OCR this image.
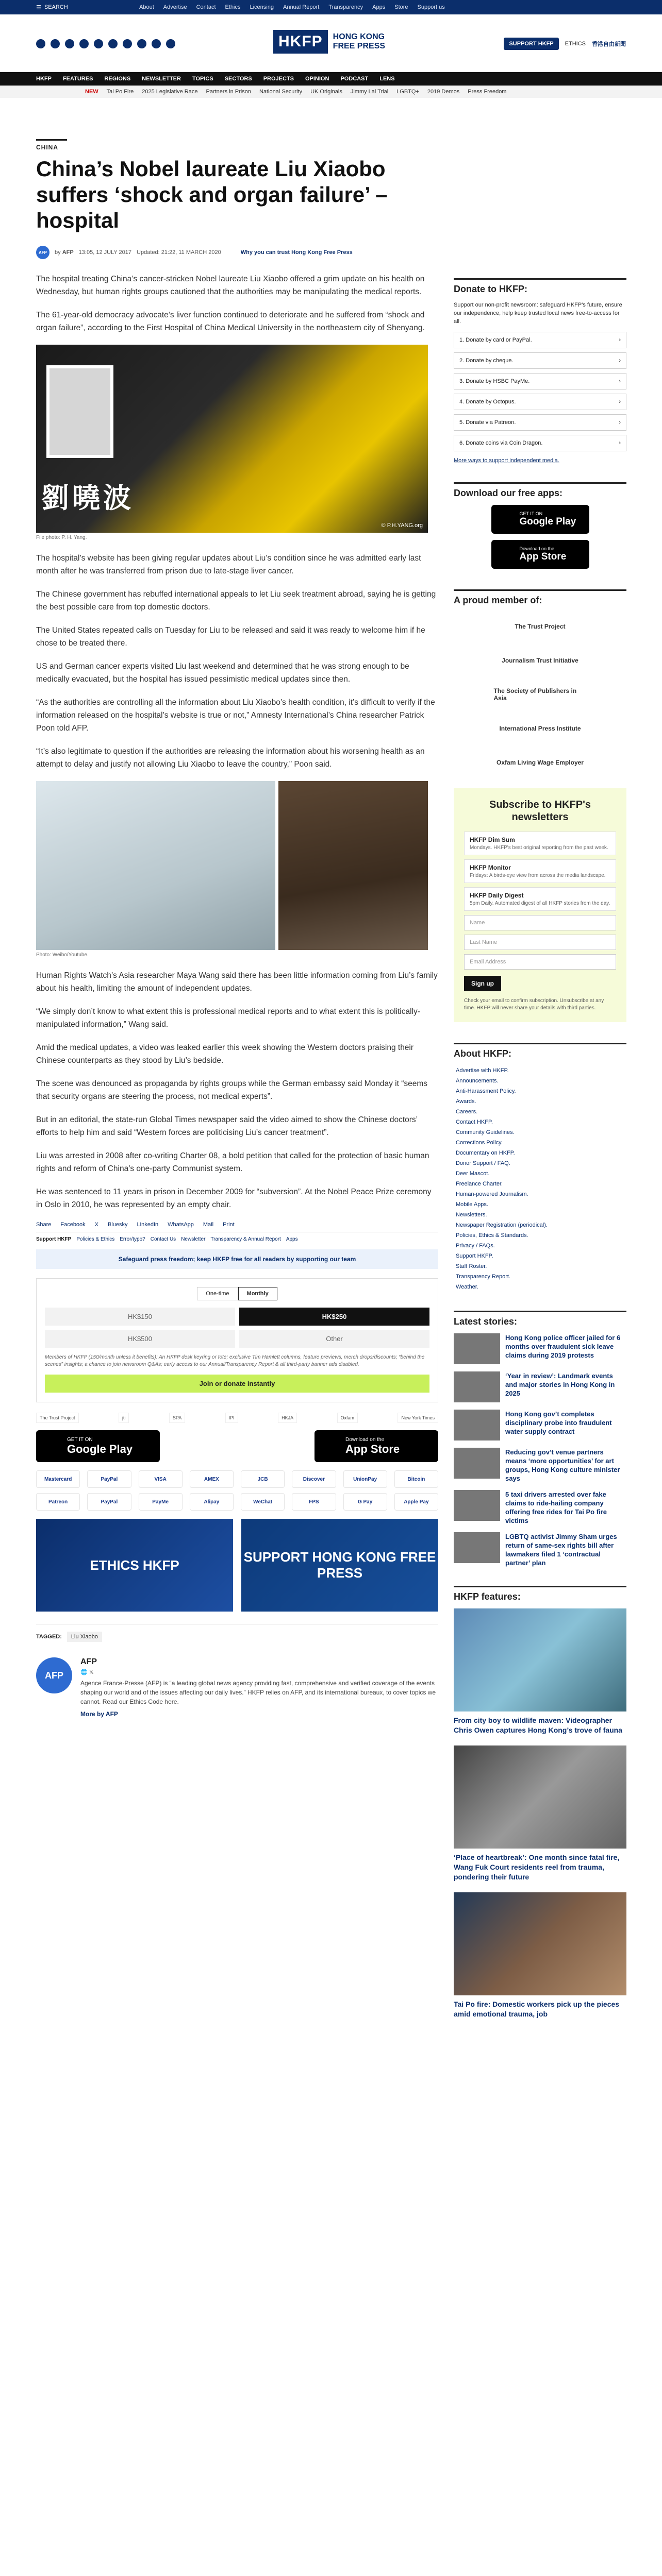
☰ SEARCH	About Advertise Contact Ethics Licensing Annual Report Transparency Apps Store Support us
HKFP	HONG KONG
FREE PRESS	SUPPORT HKFP	ETHICS 香港自由新聞
HKFP FEATURES REGIONS NEWSLETTER TOPICS SECTORS PROJECTS OPINION PODCAST LENS
NEW Tai Po Fire 2025 Legislative Race Partners in Prison National Security UK Originals Jimmy Lai Trial LGBTQ+ 2019 Demos Press Freedom
CHINA
China’s Nobel laureate Liu Xiaobo suffers ‘shock and organ failure’ – hospital
AFP	by AFP 13:05, 12 JULY 2017 Updated: 21:22, 11 MARCH 2020	Why you can trust Hong Kong Free Press

The hospital treating China’s cancer-stricken Nobel laureate Liu Xiaobo offered a grim update on his health on Wednesday, but human rights groups cautioned that the authorities may be manipulating the medical reports.

The 61-year-old democracy advocate’s liver function continued to deteriorate and he suffered from “shock and organ failure”, according to the First Hospital of China Medical University in the northeastern city of Shenyang.

劉曉波
© P.H.YANG.org
File photo: P. H. Yang.

The hospital’s website has been giving regular updates about Liu’s condition since he was admitted early last month after he was transferred from prison due to late-stage liver cancer.

The Chinese government has rebuffed international appeals to let Liu seek treatment abroad, saying he is getting the best possible care from top domestic doctors.

The United States repeated calls on Tuesday for Liu to be released and said it was ready to welcome him if he chose to be treated there.

US and German cancer experts visited Liu last weekend and determined that he was strong enough to be medically evacuated, but the hospital has issued pessimistic medical updates since then.

“As the authorities are controlling all the information about Liu Xiaobo’s health condition, it’s difficult to verify if the information released on the hospital’s website is true or not,” Amnesty International’s China researcher Patrick Poon told AFP.

“It’s also legitimate to question if the authorities are releasing the information about his worsening health as an attempt to delay and justify not allowing Liu Xiaobo to leave the country,” Poon said.

Photo: Weibo/Youtube.

Human Rights Watch’s Asia researcher Maya Wang said there has been little information coming from Liu’s family about his health, limiting the amount of independent updates.

“We simply don’t know to what extent this is professional medical reports and to what extent this is politically-manipulated information,” Wang said.

Amid the medical updates, a video was leaked earlier this week showing the Western doctors praising their Chinese counterparts as they stood by Liu’s bedside.

The scene was denounced as propaganda by rights groups while the German embassy said Monday it “seems that security organs are steering the process, not medical experts”.

But in an editorial, the state-run Global Times newspaper said the video aimed to show the Chinese doctors’ efforts to help him and said “Western forces are politicising Liu’s cancer treatment”.

Liu was arrested in 2008 after co-writing Charter 08, a bold petition that called for the protection of basic human rights and reform of China’s one-party Communist system.

He was sentenced to 11 years in prison in December 2009 for “subversion”. At the Nobel Peace Prize ceremony in Oslo in 2010, he was represented by an empty chair.

Share Facebook X Bluesky LinkedIn WhatsApp Mail Print
Support HKFP Policies & Ethics Error/typo? Contact Us Newsletter Transparency & Annual Report Apps
Safeguard press freedom; keep HKFP free for all readers by supporting our team
One-time	Monthly
HK$150	HK$250
HK$500	Other
Members of HKFP (150/month unless it benefits): An HKFP desk keyring or tote; exclusive Tim Hamlett columns, feature previews, merch drops/discounts; “behind the scenes” insights; a chance to join newsroom Q&As; early access to our Annual/Transparency Report & all third-party banner ads disabled.
Join or donate instantly
The Trust Project	jti	SPA	IPI	HKJA	Oxfam	New York Times
GET IT ON
Google Play
Download on the
App Store
Mastercard	PayPal	VISA	AMEX	JCB	Discover	UnionPay	Bitcoin
Patreon	PayPal	PayMe	Alipay	WeChat	FPS	G Pay	Apple Pay
ETHICS HKFP
SUPPORT HONG KONG FREE PRESS
TAGGED:	Liu Xiaobo
AFP
AFP
🌐 𝕏

Agence France-Presse (AFP) is “a leading global news agency providing fast, comprehensive and verified coverage of the events shaping our world and of the issues affecting our daily lives.” HKFP relies on AFP, and its international bureaux, to cover topics we cannot. Read our Ethics Code here.

More by AFP
Donate to HKFP:
Support our non-profit newsroom: safeguard HKFP's future, ensure our independence, help keep trusted local news free-to-access for all.
1. Donate by card or PayPal.	›
2. Donate by cheque.	›
3. Donate by HSBC PayMe.	›
4. Donate by Octopus.	›
5. Donate via Patreon.	›
6. Donate coins via Coin Dragon.	›
More ways to support independent media.
Download our free apps:
GET IT ON
Google Play
Download on the
App Store
A proud member of:
The Trust Project
Journalism Trust Initiative
The Society of Publishers in Asia
International Press Institute
Oxfam Living Wage Employer
Subscribe to HKFP's newsletters
HKFP Dim Sum
Mondays. HKFP's best original reporting from the past week.
HKFP Monitor
Fridays: A birds-eye view from across the media landscape.
HKFP Daily Digest
5pm Daily. Automated digest of all HKFP stories from the day.
Name
Last Name
Email Address
Sign up
Check your email to confirm subscription. Unsubscribe at any time. HKFP will never share your details with third parties.
About HKFP:
Advertise with HKFP.
Announcements.
Anti-Harassment Policy.
Awards.
Careers.
Contact HKFP.
Community Guidelines.
Corrections Policy.
Documentary on HKFP.
Donor Support / FAQ.
Deer Mascot.
Freelance Charter.
Human-powered Journalism.
Mobile Apps.
Newsletters.
Newspaper Registration (periodical).
Policies, Ethics & Standards.
Privacy / FAQs.
Support HKFP.
Staff Roster.
Transparency Report.
Weather.
Latest stories:
Hong Kong police officer jailed for 6 months over fraudulent sick leave claims during 2019 protests
‘Year in review’: Landmark events and major stories in Hong Kong in 2025
Hong Kong gov’t completes disciplinary probe into fraudulent water supply contract
Reducing gov’t venue partners means ‘more opportunities’ for art groups, Hong Kong culture minister says
5 taxi drivers arrested over fake claims to ride-hailing company offering free rides for Tai Po fire victims
LGBTQ activist Jimmy Sham urges return of same-sex rights bill after lawmakers filed 1 ‘contractual partner’ plan
HKFP features:
From city boy to wildlife maven: Videographer Chris Owen captures Hong Kong’s trove of fauna
‘Place of heartbreak’: One month since fatal fire, Wang Fuk Court residents reel from trauma, pondering their future
Tai Po fire: Domestic workers pick up the pieces amid emotional trauma, job
